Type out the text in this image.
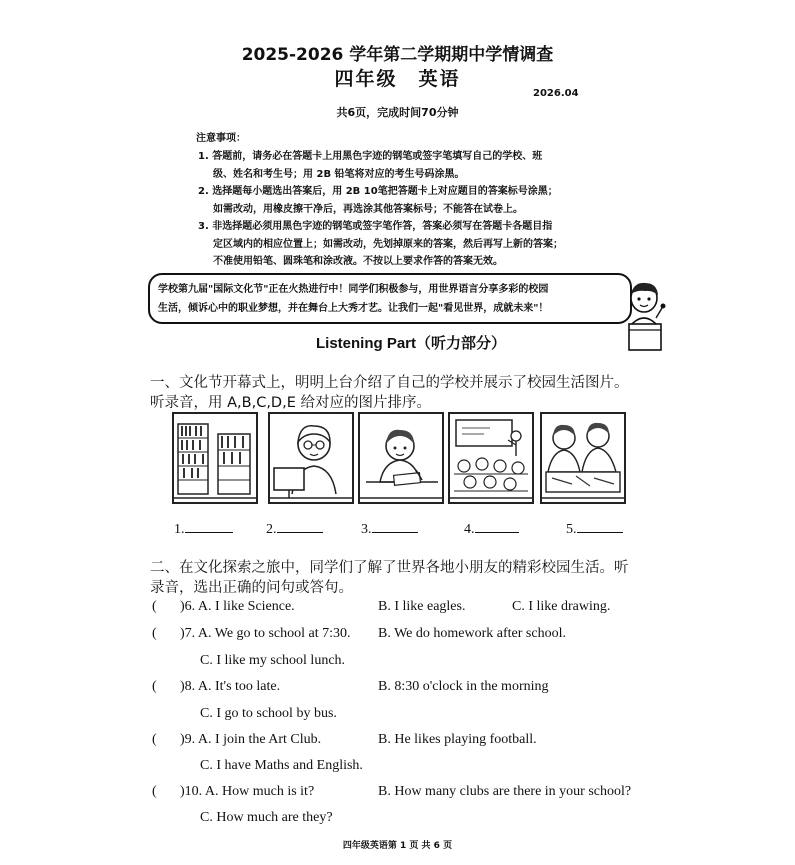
2025-2026 学年第二学期期中学情调查
四年级　英语
2026.04
共6页，完成时间70分钟
注意事项：
1. 答题前，请务必在答题卡上用黑色字迹的钢笔或签字笔填写自己的学校、班
级、姓名和考生号；用 2B 铅笔将对应的考生号码涂黑。
2. 选择题每小题选出答案后，用 2B 10笔把答题卡上对应题目的答案标号涂黑；
如需改动，用橡皮擦干净后，再选涂其他答案标号；不能答在试卷上。
3. 非选择题必须用黑色字迹的钢笔或签字笔作答，答案必须写在答题卡各题目指
定区域内的相应位置上；如需改动，先划掉原来的答案，然后再写上新的答案；
不准使用铅笔、圆珠笔和涂改液。不按以上要求作答的答案无效。
学校第九届"国际文化节"正在火热进行中！同学们积极参与，用世界语言分享多彩的校园
生活，倾诉心中的职业梦想，并在舞台上大秀才艺。让我们一起"看见世界，成就未来"！
Listening Part（听力部分）
一、文化节开幕式上，明明上台介绍了自己的学校并展示了校园生活图片。
听录音，用 A,B,C,D,E 给对应的图片排序。
1.	2.	3.	4.	5.
二、在文化探索之旅中，同学们了解了世界各地小朋友的精彩校园生活。听
录音，选出正确的问句或答句。
( )6. A. I like Science.	B. I like eagles.	C. I like drawing.
( )7. A. We go to school at 7:30. B. We do homework after school.
C. I like my school lunch.
( )8. A. It's too late.	B. 8:30 o'clock in the morning
C. I go to school by bus.
( )9. A. I join the Art Club.	B. He likes playing football.
C. I have Maths and English.
( )10. A. How much is it?	B. How many clubs are there in your school?
C. How much are they?
四年级英语第 1 页 共 6 页
